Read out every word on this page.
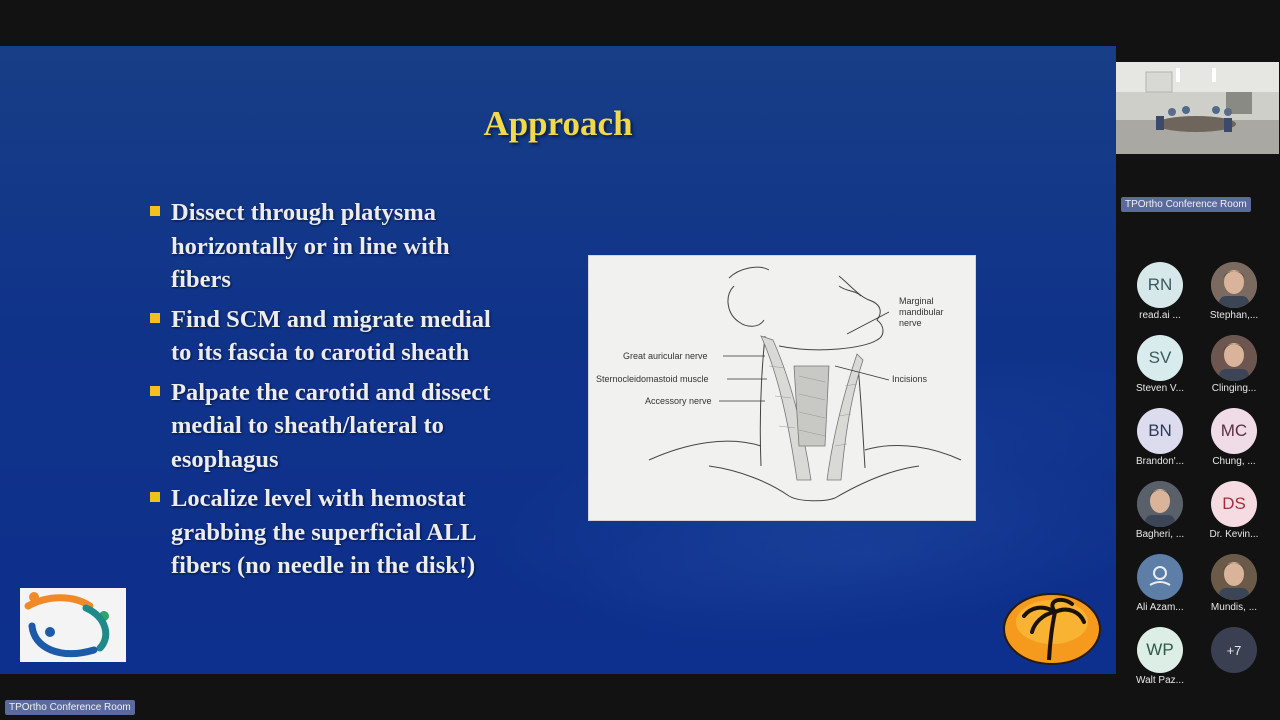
Approach
Dissect through platysma
horizontally or in line with
fibers
Find SCM and migrate medial
to its fascia to carotid sheath
Palpate the carotid and dissect
medial to sheath/lateral to
esophagus
Localize level with hemostat
grabbing the superficial ALL
fibers (no needle in the disk!)
Great auricular nerve
Sternocleidomastoid muscle
Accessory nerve
Incisions
Marginal
mandibular
nerve
TPOrtho Conference Room
RN
read.ai ...	Stephan,...
SV
Steven V...	Clinging...
BN
Brandon'...
MC
Chung, ...
Bagheri, ...
DS
Dr. Kevin...
Ali Azam...	Mundis, ...
WP
Walt Paz...
+7
TPOrtho Conference Room
